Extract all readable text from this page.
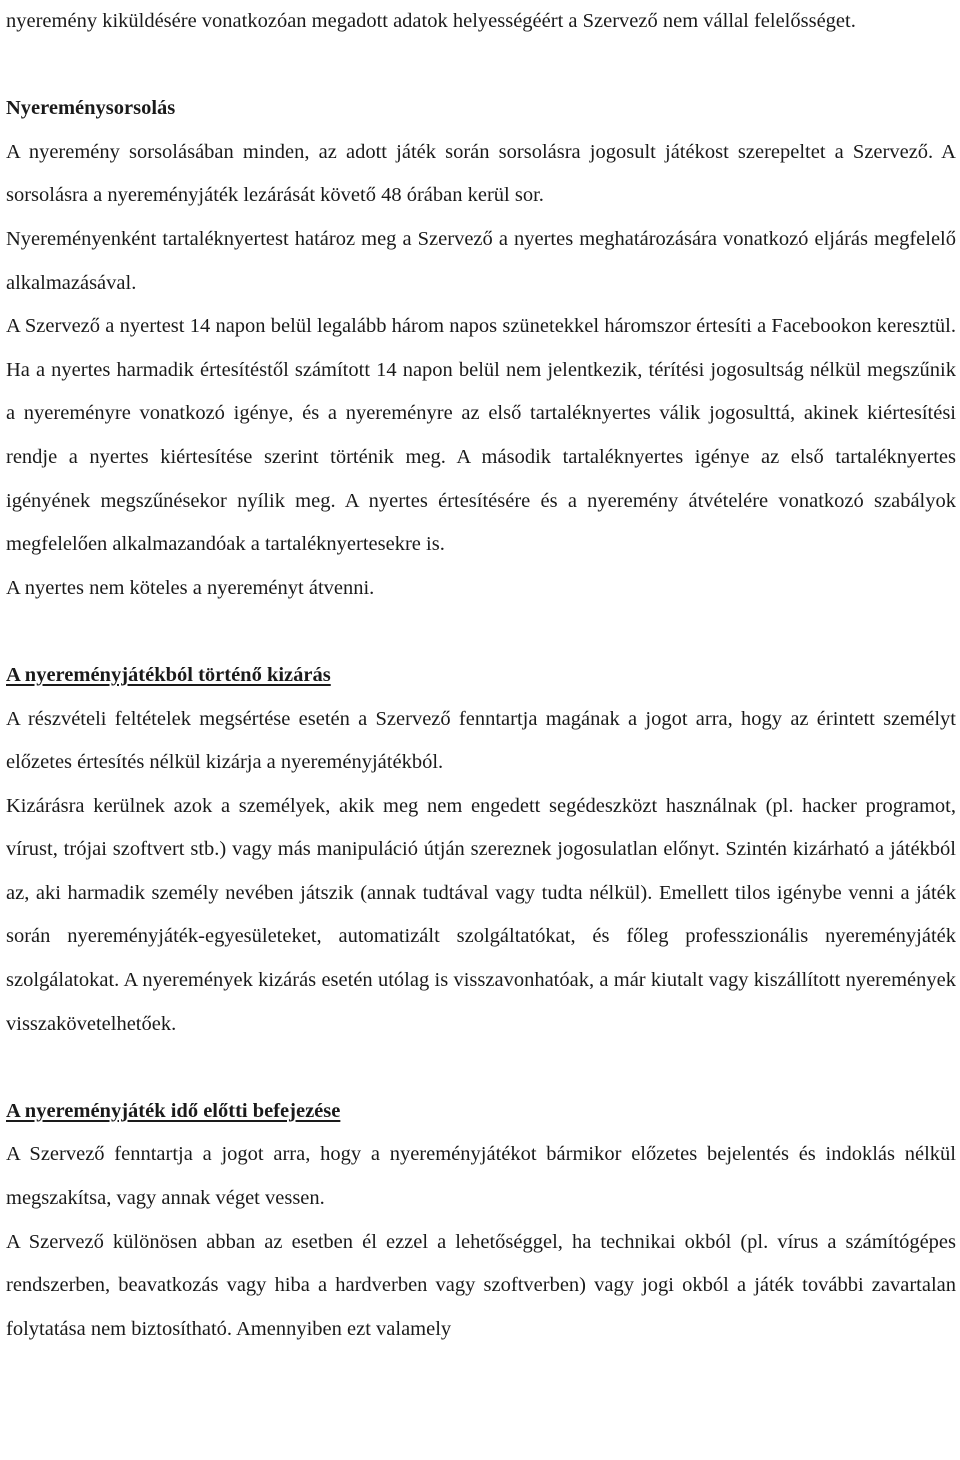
nyeremény kiküldésére vonatkozóan megadott adatok helyességéért a Szervező nem vállal felelősséget.

Nyereménysorsolás

A nyeremény sorsolásában minden, az adott játék során sorsolásra jogosult játékost szerepeltet a Szervező. A sorsolásra a nyereményjáték lezárását követő 48 órában kerül sor.

Nyereményenként tartaléknyertest határoz meg a Szervező a nyertes meghatározására vonatkozó eljárás megfelelő alkalmazásával.

A Szervező a nyertest 14 napon belül legalább három napos szünetekkel háromszor értesíti a Facebookon keresztül. Ha a nyertes harmadik értesítéstől számított 14 napon belül nem jelentkezik, térítési jogosultság nélkül megszűnik a nyereményre vonatkozó igénye, és a nyereményre az első tartaléknyertes válik jogosulttá, akinek kiértesítési rendje a nyertes kiértesítése szerint történik meg. A második tartaléknyertes igénye az első tartaléknyertes igényének megszűnésekor nyílik meg. A nyertes értesítésére és a nyeremény átvételére vonatkozó szabályok megfelelően alkalmazandóak a tartaléknyertesekre is.

A nyertes nem köteles a nyereményt átvenni.

A nyereményjátékból történő kizárás

A részvételi feltételek megsértése esetén a Szervező fenntartja magának a jogot arra, hogy az érintett személyt előzetes értesítés nélkül kizárja a nyereményjátékból.

Kizárásra kerülnek azok a személyek, akik meg nem engedett segédeszközt használnak (pl. hacker programot, vírust, trójai szoftvert stb.) vagy más manipuláció útján szereznek jogosulatlan előnyt. Szintén kizárható a játékból az, aki harmadik személy nevében játszik (annak tudtával vagy tudta nélkül). Emellett tilos igénybe venni a játék során nyereményjáték-egyesületeket, automatizált szolgáltatókat, és főleg professzionális nyereményjáték szolgálatokat. A nyeremények kizárás esetén utólag is visszavonhatóak, a már kiutalt vagy kiszállított nyeremények visszakövetelhetőek.

A nyereményjáték idő előtti befejezése

A Szervező fenntartja a jogot arra, hogy a nyereményjátékot bármikor előzetes bejelentés és indoklás nélkül megszakítsa, vagy annak véget vessen.

A Szervező különösen abban az esetben él ezzel a lehetőséggel, ha technikai okból (pl. vírus a számítógépes rendszerben, beavatkozás vagy hiba a hardverben vagy szoftverben) vagy jogi okból a játék további zavartalan folytatása nem biztosítható. Amennyiben ezt valamely
